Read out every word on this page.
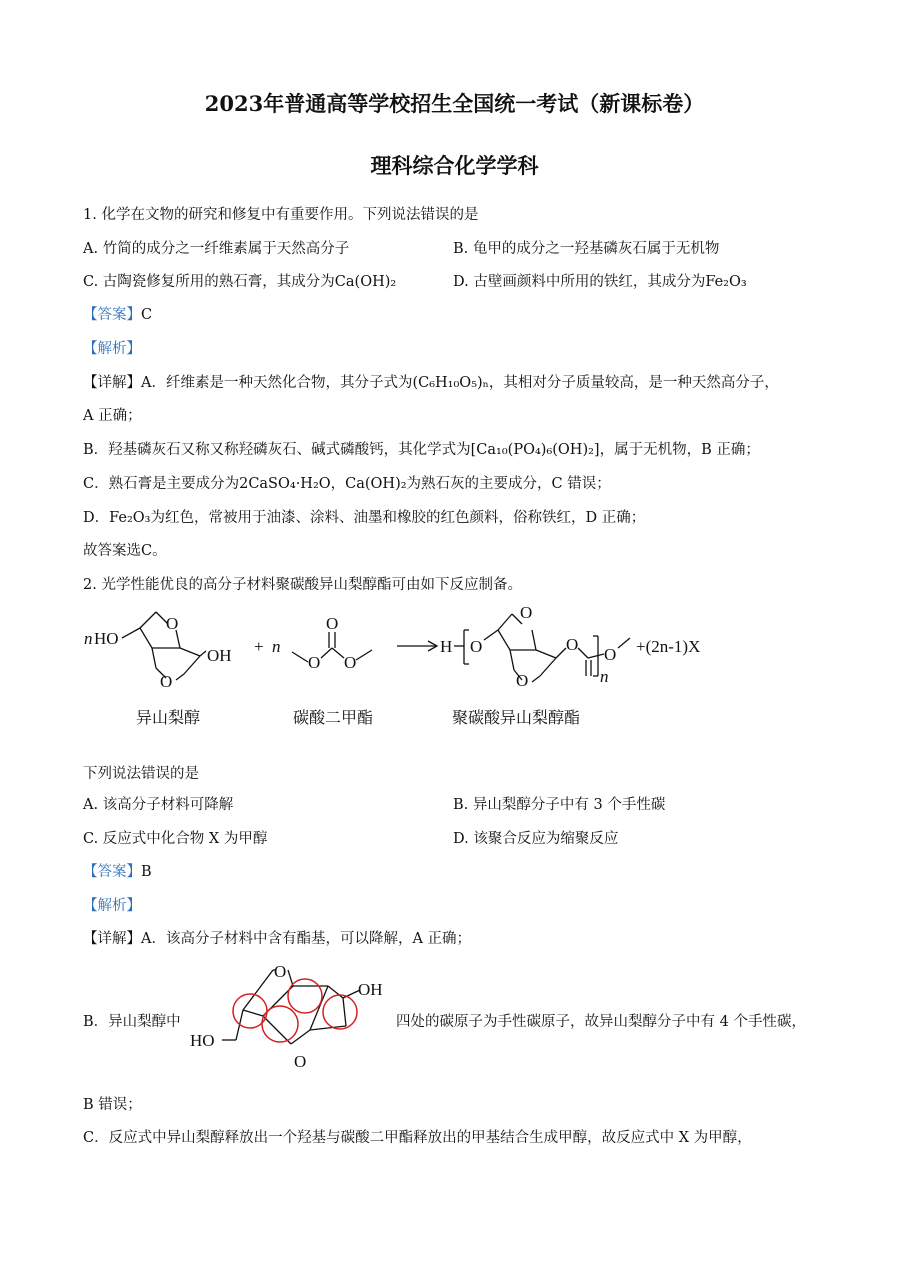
2023年普通高等学校招生全国统一考试（新课标卷）
理科综合化学学科
1. 化学在文物的研究和修复中有重要作用。下列说法错误的是
A. 竹简的成分之一纤维素属于天然高分子	B. 龟甲的成分之一羟基磷灰石属于无机物
C. 古陶瓷修复所用的熟石膏，其成分为Ca(OH)₂	D. 古壁画颜料中所用的铁红，其成分为Fe₂O₃
【答案】C
【解析】
【详解】A．纤维素是一种天然化合物，其分子式为(C₆H₁₀O₅)ₙ，其相对分子质量较高，是一种天然高分子，
A 正确；
B．羟基磷灰石又称又称羟磷灰石、碱式磷酸钙，其化学式为[Ca₁₀(PO₄)₆(OH)₂]，属于无机物，B 正确；
C．熟石膏是主要成分为2CaSO₄·H₂O，Ca(OH)₂为熟石灰的主要成分，C 错误；
D．Fe₂O₃为红色，常被用于油漆、涂料、油墨和橡胶的红色颜料，俗称铁红，D 正确；
故答案选C。
2. 光学性能优良的高分子材料聚碳酸异山梨醇酯可由如下反应制备。
n HO
O
O
OH + n
O
O O
H O
O
O
O
O
n
+(2n-1)X
异山梨醇	碳酸二甲酯	聚碳酸异山梨醇酯
下列说法错误的是
A. 该高分子材料可降解	B. 异山梨醇分子中有 3 个手性碳
C. 反应式中化合物 X 为甲醇	D. 该聚合反应为缩聚反应
【答案】B
【解析】
【详解】A．该高分子材料中含有酯基，可以降解，A 正确；
B．异山梨醇中
O
OH
HO
O
四处的碳原子为手性碳原子，故异山梨醇分子中有 4 个手性碳，
B 错误；
C．反应式中异山梨醇释放出一个羟基与碳酸二甲酯释放出的甲基结合生成甲醇，故反应式中 X 为甲醇，
